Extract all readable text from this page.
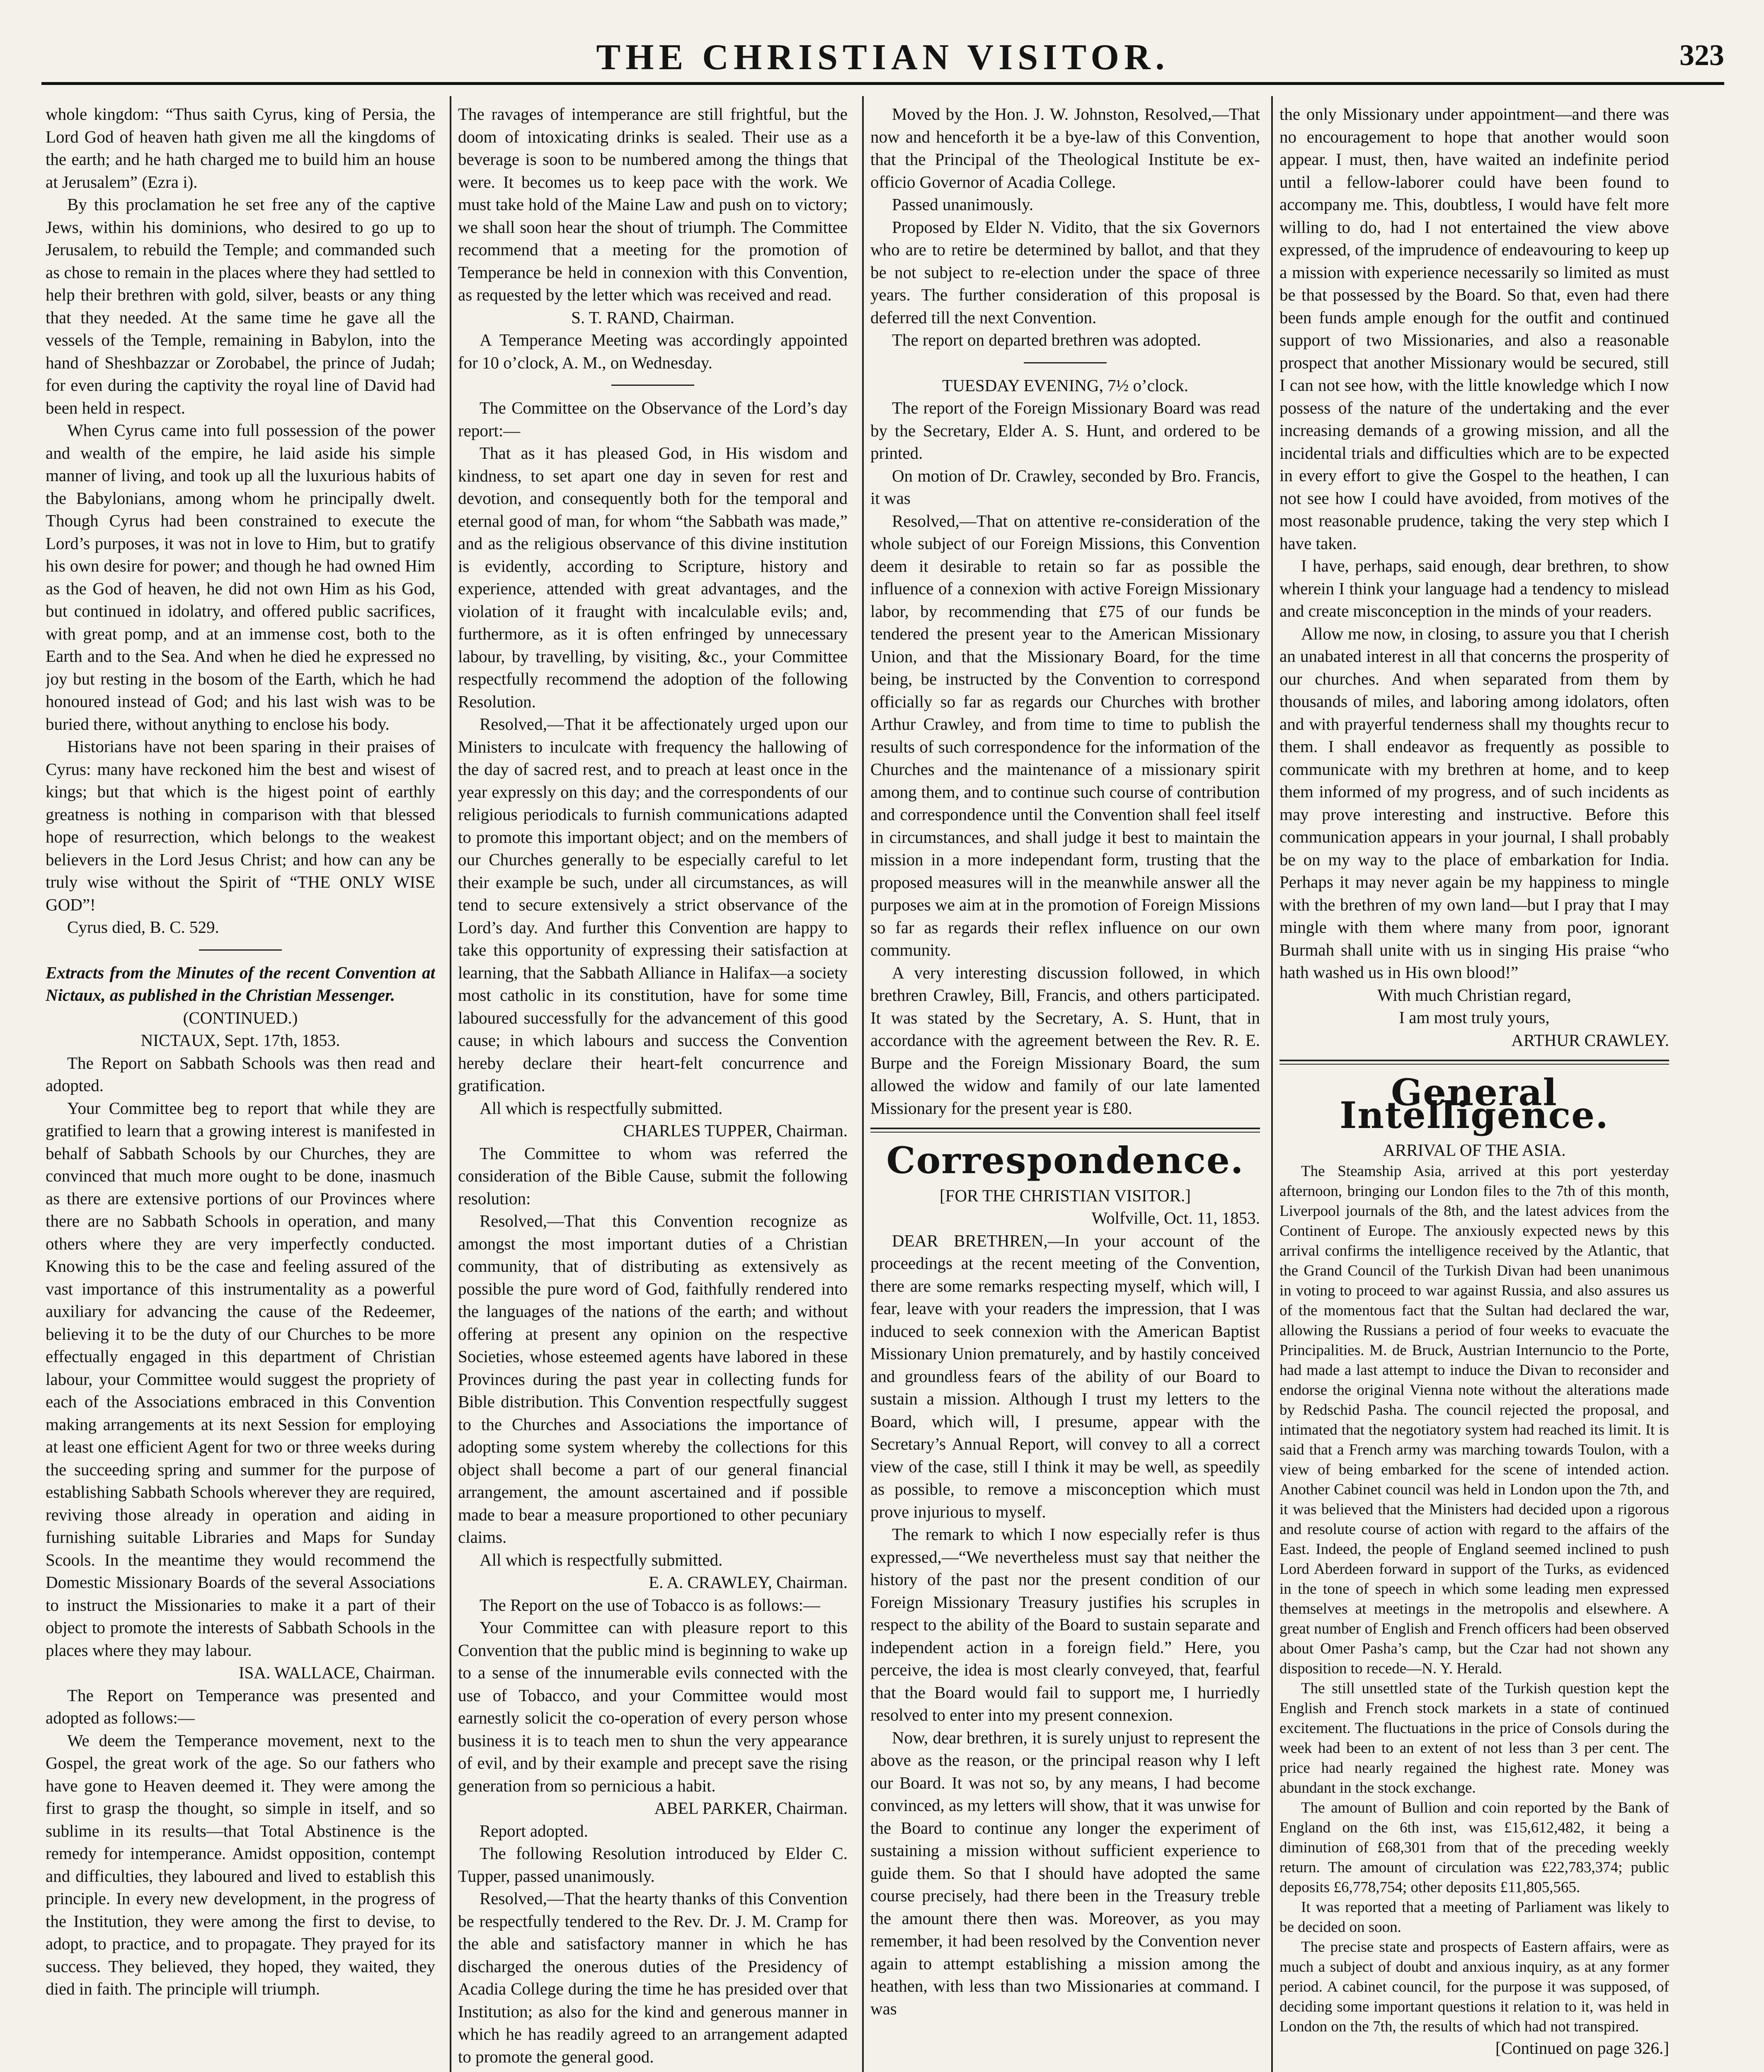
THE CHRISTIAN VISITOR.	323

whole kingdom: “Thus saith Cyrus, king of Persia, the Lord God of heaven hath given me all the kingdoms of the earth; and he hath charged me to build him an house at Jerusalem” (Ezra i).

By this proclamation he set free any of the captive Jews, within his dominions, who desired to go up to Jerusalem, to rebuild the Temple; and commanded such as chose to remain in the places where they had settled to help their brethren with gold, silver, beasts or any thing that they needed. At the same time he gave all the vessels of the Temple, remaining in Babylon, into the hand of Sheshbazzar or Zorobabel, the prince of Judah; for even during the captivity the royal line of David had been held in respect.

When Cyrus came into full possession of the power and wealth of the empire, he laid aside his simple manner of living, and took up all the luxurious habits of the Babylonians, among whom he principally dwelt. Though Cyrus had been constrained to execute the Lord’s purposes, it was not in love to Him, but to gratify his own desire for power; and though he had owned Him as the God of heaven, he did not own Him as his God, but continued in idolatry, and offered public sacrifices, with great pomp, and at an immense cost, both to the Earth and to the Sea. And when he died he expressed no joy but resting in the bosom of the Earth, which he had honoured instead of God; and his last wish was to be buried there, without anything to enclose his body.

Historians have not been sparing in their praises of Cyrus: many have reckoned him the best and wisest of kings; but that which is the higest point of earthly greatness is nothing in comparison with that blessed hope of resurrection, which belongs to the weakest believers in the Lord Jesus Christ; and how can any be truly wise without the Spirit of “THE ONLY WISE GOD”!

Cyrus died, B. C. 529.

Extracts from the Minutes of the recent Convention at Nictaux, as published in the Christian Messenger.

(CONTINUED.)

NICTAUX, Sept. 17th, 1853.

The Report on Sabbath Schools was then read and adopted.

Your Committee beg to report that while they are gratified to learn that a growing interest is manifested in behalf of Sabbath Schools by our Churches, they are convinced that much more ought to be done, inasmuch as there are extensive portions of our Provinces where there are no Sabbath Schools in operation, and many others where they are very imperfectly conducted. Knowing this to be the case and feeling assured of the vast importance of this instrumentality as a powerful auxiliary for advancing the cause of the Redeemer, believing it to be the duty of our Churches to be more effectually engaged in this department of Christian labour, your Committee would suggest the propriety of each of the Associations embraced in this Convention making arrangements at its next Session for employing at least one efficient Agent for two or three weeks during the succeeding spring and summer for the purpose of establishing Sabbath Schools wherever they are required, reviving those already in operation and aiding in furnishing suitable Libraries and Maps for Sunday Scools. In the meantime they would recommend the Domestic Missionary Boards of the several Associations to instruct the Missionaries to make it a part of their object to promote the interests of Sabbath Schools in the places where they may labour.

ISA. WALLACE, Chairman.

The Report on Temperance was presented and adopted as follows:—

We deem the Temperance movement, next to the Gospel, the great work of the age. So our fathers who have gone to Heaven deemed it. They were among the first to grasp the thought, so simple in itself, and so sublime in its results—that Total Abstinence is the remedy for intemperance. Amidst opposition, contempt and difficulties, they laboured and lived to establish this principle. In every new development, in the progress of the Institution, they were among the first to devise, to adopt, to practice, and to propagate. They prayed for its success. They believed, they hoped, they waited, they died in faith. The principle will triumph.

The ravages of intemperance are still frightful, but the doom of intoxicating drinks is sealed. Their use as a beverage is soon to be numbered among the things that were. It becomes us to keep pace with the work. We must take hold of the Maine Law and push on to victory; we shall soon hear the shout of triumph. The Committee recommend that a meeting for the promotion of Temperance be held in connexion with this Convention, as requested by the letter which was received and read.

S. T. RAND, Chairman.

A Temperance Meeting was accordingly appointed for 10 o’clock, A. M., on Wednesday.

The Committee on the Observance of the Lord’s day report:—

That as it has pleased God, in His wisdom and kindness, to set apart one day in seven for rest and devotion, and consequently both for the temporal and eternal good of man, for whom “the Sabbath was made,” and as the religious observance of this divine institution is evidently, according to Scripture, history and experience, attended with great advantages, and the violation of it fraught with incalculable evils; and, furthermore, as it is often enfringed by unnecessary labour, by travelling, by visiting, &c., your Committee respectfully recommend the adoption of the following Resolution.

Resolved,—That it be affectionately urged upon our Ministers to inculcate with frequency the hallowing of the day of sacred rest, and to preach at least once in the year expressly on this day; and the correspondents of our religious periodicals to furnish communications adapted to promote this important object; and on the members of our Churches generally to be especially careful to let their example be such, under all circumstances, as will tend to secure extensively a strict observance of the Lord’s day. And further this Convention are happy to take this opportunity of expressing their satisfaction at learning, that the Sabbath Alliance in Halifax—a society most catholic in its constitution, have for some time laboured successfully for the advancement of this good cause; in which labours and success the Convention hereby declare their heart-felt concurrence and gratification.

All which is respectfully submitted.

CHARLES TUPPER, Chairman.

The Committee to whom was referred the consideration of the Bible Cause, submit the following resolution:

Resolved,—That this Convention recognize as amongst the most important duties of a Christian community, that of distributing as extensively as possible the pure word of God, faithfully rendered into the languages of the nations of the earth; and without offering at present any opinion on the respective Societies, whose esteemed agents have labored in these Provinces during the past year in collecting funds for Bible distribution. This Convention respectfully suggest to the Churches and Associations the importance of adopting some system whereby the collections for this object shall become a part of our general financial arrangement, the amount ascertained and if possible made to bear a measure proportioned to other pecuniary claims.

All which is respectfully submitted.

E. A. CRAWLEY, Chairman.

The Report on the use of Tobacco is as follows:—

Your Committee can with pleasure report to this Convention that the public mind is beginning to wake up to a sense of the innumerable evils connected with the use of Tobacco, and your Committee would most earnestly solicit the co-operation of every person whose business it is to teach men to shun the very appearance of evil, and by their example and precept save the rising generation from so pernicious a habit.

ABEL PARKER, Chairman.

Report adopted.

The following Resolution introduced by Elder C. Tupper, passed unanimously.

Resolved,—That the hearty thanks of this Convention be respectfully tendered to the Rev. Dr. J. M. Cramp for the able and satisfactory manner in which he has discharged the onerous duties of the Presidency of Acadia College during the time he has presided over that Institution; as also for the kind and generous manner in which he has readily agreed to an arrangement adapted to promote the general good.

Moved by the Hon. J. W. Johnston, Resolved,—That now and henceforth it be a bye-law of this Convention, that the Principal of the Theological Institute be ex-officio Governor of Acadia College.

Passed unanimously.

Proposed by Elder N. Vidito, that the six Governors who are to retire be determined by ballot, and that they be not subject to re-election under the space of three years. The further consideration of this proposal is deferred till the next Convention.

The report on departed brethren was adopted.

TUESDAY EVENING, 7½ o’clock.

The report of the Foreign Missionary Board was read by the Secretary, Elder A. S. Hunt, and ordered to be printed.

On motion of Dr. Crawley, seconded by Bro. Francis, it was

Resolved,—That on attentive re-consideration of the whole subject of our Foreign Missions, this Convention deem it desirable to retain so far as possible the influence of a connexion with active Foreign Missionary labor, by recommending that £75 of our funds be tendered the present year to the American Missionary Union, and that the Missionary Board, for the time being, be instructed by the Convention to correspond officially so far as regards our Churches with brother Arthur Crawley, and from time to time to publish the results of such correspondence for the information of the Churches and the maintenance of a missionary spirit among them, and to continue such course of contribution and correspondence until the Convention shall feel itself in circumstances, and shall judge it best to maintain the mission in a more independant form, trusting that the proposed measures will in the meanwhile answer all the purposes we aim at in the promotion of Foreign Missions so far as regards their reflex influence on our own community.

A very interesting discussion followed, in which brethren Crawley, Bill, Francis, and others participated. It was stated by the Secretary, A. S. Hunt, that in accordance with the agreement between the Rev. R. E. Burpe and the Foreign Missionary Board, the sum allowed the widow and family of our late lamented Missionary for the present year is £80.

Correspondence.

[FOR THE CHRISTIAN VISITOR.]

Wolfville, Oct. 11, 1853.

DEAR BRETHREN,—In your account of the proceedings at the recent meeting of the Convention, there are some remarks respecting myself, which will, I fear, leave with your readers the impression, that I was induced to seek connexion with the American Baptist Missionary Union prematurely, and by hastily conceived and groundless fears of the ability of our Board to sustain a mission. Although I trust my letters to the Board, which will, I presume, appear with the Secretary’s Annual Report, will convey to all a correct view of the case, still I think it may be well, as speedily as possible, to remove a misconception which must prove injurious to myself.

The remark to which I now especially refer is thus expressed,—“We nevertheless must say that neither the history of the past nor the present condition of our Foreign Missionary Treasury justifies his scruples in respect to the ability of the Board to sustain separate and independent action in a foreign field.” Here, you perceive, the idea is most clearly conveyed, that, fearful that the Board would fail to support me, I hurriedly resolved to enter into my present connexion.

Now, dear brethren, it is surely unjust to represent the above as the reason, or the principal reason why I left our Board. It was not so, by any means, I had become convinced, as my letters will show, that it was unwise for the Board to continue any longer the experiment of sustaining a mission without sufficient experience to guide them. So that I should have adopted the same course precisely, had there been in the Treasury treble the amount there then was. Moreover, as you may remember, it had been resolved by the Convention never again to attempt establishing a mission among the heathen, with less than two Missionaries at command. I was

the only Missionary under appointment—and there was no encouragement to hope that another would soon appear. I must, then, have waited an indefinite period until a fellow-laborer could have been found to accompany me. This, doubtless, I would have felt more willing to do, had I not entertained the view above expressed, of the imprudence of endeavouring to keep up a mission with experience necessarily so limited as must be that possessed by the Board. So that, even had there been funds ample enough for the outfit and continued support of two Missionaries, and also a reasonable prospect that another Missionary would be secured, still I can not see how, with the little knowledge which I now possess of the nature of the undertaking and the ever increasing demands of a growing mission, and all the incidental trials and difficulties which are to be expected in every effort to give the Gospel to the heathen, I can not see how I could have avoided, from motives of the most reasonable prudence, taking the very step which I have taken.

I have, perhaps, said enough, dear brethren, to show wherein I think your language had a tendency to mislead and create misconception in the minds of your readers.

Allow me now, in closing, to assure you that I cherish an unabated interest in all that concerns the prosperity of our churches. And when separated from them by thousands of miles, and laboring among idolators, often and with prayerful tenderness shall my thoughts recur to them. I shall endeavor as frequently as possible to communicate with my brethren at home, and to keep them informed of my progress, and of such incidents as may prove interesting and instructive. Before this communication appears in your journal, I shall probably be on my way to the place of embarkation for India. Perhaps it may never again be my happiness to mingle with the brethren of my own land—but I pray that I may mingle with them where many from poor, ignorant Burmah shall unite with us in singing His praise “who hath washed us in His own blood!”

With much Christian regard,

I am most truly yours,

ARTHUR CRAWLEY.

General Intelligence.

ARRIVAL OF THE ASIA.

The Steamship Asia, arrived at this port yesterday afternoon, bringing our London files to the 7th of this month, Liverpool journals of the 8th, and the latest advices from the Continent of Europe. The anxiously expected news by this arrival confirms the intelligence received by the Atlantic, that the Grand Council of the Turkish Divan had been unanimous in voting to proceed to war against Russia, and also assures us of the momentous fact that the Sultan had declared the war, allowing the Russians a period of four weeks to evacuate the Principalities. M. de Bruck, Austrian Internuncio to the Porte, had made a last attempt to induce the Divan to reconsider and endorse the original Vienna note without the alterations made by Redschid Pasha. The council rejected the proposal, and intimated that the negotiatory system had reached its limit. It is said that a French army was marching towards Toulon, with a view of being embarked for the scene of intended action. Another Cabinet council was held in London upon the 7th, and it was believed that the Ministers had decided upon a rigorous and resolute course of action with regard to the affairs of the East. Indeed, the people of England seemed inclined to push Lord Aberdeen forward in support of the Turks, as evidenced in the tone of speech in which some leading men expressed themselves at meetings in the metropolis and elsewhere. A great number of English and French officers had been observed about Omer Pasha’s camp, but the Czar had not shown any disposition to recede—N. Y. Herald.

The still unsettled state of the Turkish question kept the English and French stock markets in a state of continued excitement. The fluctuations in the price of Consols during the week had been to an extent of not less than 3 per cent. The price had nearly regained the highest rate. Money was abundant in the stock exchange.

The amount of Bullion and coin reported by the Bank of England on the 6th inst, was £15,612,482, it being a diminution of £68,301 from that of the preceding weekly return. The amount of circulation was £22,783,374; public deposits £6,778,754; other deposits £11,805,565.

It was reported that a meeting of Parliament was likely to be decided on soon.

The precise state and prospects of Eastern affairs, were as much a subject of doubt and anxious inquiry, as at any former period. A cabinet council, for the purpose it was supposed, of deciding some important questions it relation to it, was held in London on the 7th, the results of which had not transpired.

[Continued on page 326.]
